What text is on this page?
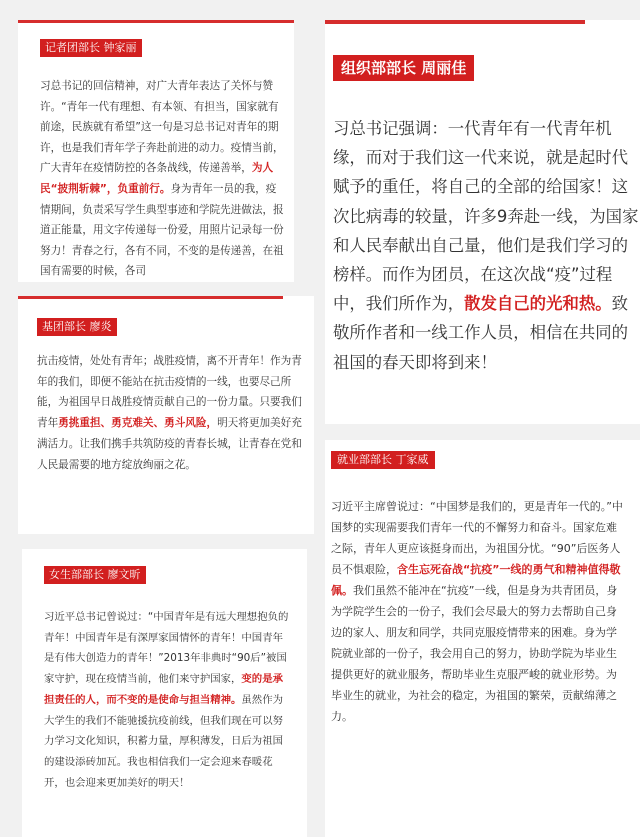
记者团部长 钟家丽

习总书记的回信精神，对广大青年表达了关怀与赞许。“青年一代有理想、有本领、有担当，国家就有前途，民族就有希望”这一句是习总书记对青年的期许，也是我们青年学子奔赴前进的动力。疫情当前，广大青年在疫情防控的各条战线，传递善举，为人民“披荆斩棘”，负重前行。身为青年一员的我，疫情期间，负责采写学生典型事迹和学院先进做法，报道正能量，用文字传递每一份爱，用照片记录每一份努力！青春之行，各有不同，不变的是传递善，在祖国有需要的时候，各司

组织部部长 周丽佳

习总书记强调：一代青年有一代青年机缘，而对于我们这一代来说，就是起时代赋予的重任，将自己的全部的给国家！这次比病毒的较量，许多9奔赴一线，为国家和人民奉献出自己量，他们是我们学习的榜样。而作为团员，在这次战“疫”过程中，我们所作为，散发自己的光和热。致敬所作者和一线工作人员，相信在共同的祖国的春天即将到来！

基团部长 廖炎

抗击疫情，处处有青年；战胜疫情，离不开青年！作为青年的我们，即便不能站在抗击疫情的一线，也要尽己所能，为祖国早日战胜疫情贡献自己的一份力量。只要我们青年勇挑重担、勇克难关、勇斗风险，明天将更加美好充满活力。让我们携手共筑防疫的青春长城，让青春在党和人民最需要的地方绽放绚丽之花。	就业部部长 丁家威

习近平主席曾说过：“中国梦是我们的，更是青年一代的。”中国梦的实现需要我们青年一代的不懈努力和奋斗。国家危难之际，青年人更应该挺身而出，为祖国分忧。“90”后医务人员不惧艰险，含生忘死奋战“抗疫”一线的勇气和精神值得敬佩。我们虽然不能冲在“抗疫”一线，但是身为共青团员，身为学院学生会的一份子，我们会尽最大的努力去帮助自己身边的家人、朋友和同学，共同克服疫情带来的困难。身为学院就业部的一份子，我会用自己的努力，协助学院为毕业生提供更好的就业服务，帮助毕业生克服严峻的就业形势。为毕业生的就业，为社会的稳定，为祖国的繁荣，贡献绵薄之力。

女生部部长 廖文昕

习近平总书记曾说过：“中国青年是有远大理想抱负的青年！中国青年是有深厚家国情怀的青年！中国青年是有伟大创造力的青年！”2013年非典时“90后”被国家守护，现在疫情当前，他们来守护国家，变的是承担责任的人，而不变的是使命与担当精神。虽然作为大学生的我们不能驰援抗疫前线，但我们现在可以努力学习文化知识，积蓄力量，厚积薄发，日后为祖国的建设添砖加瓦。我也相信我们一定会迎来春暖花开，也会迎来更加美好的明天！
